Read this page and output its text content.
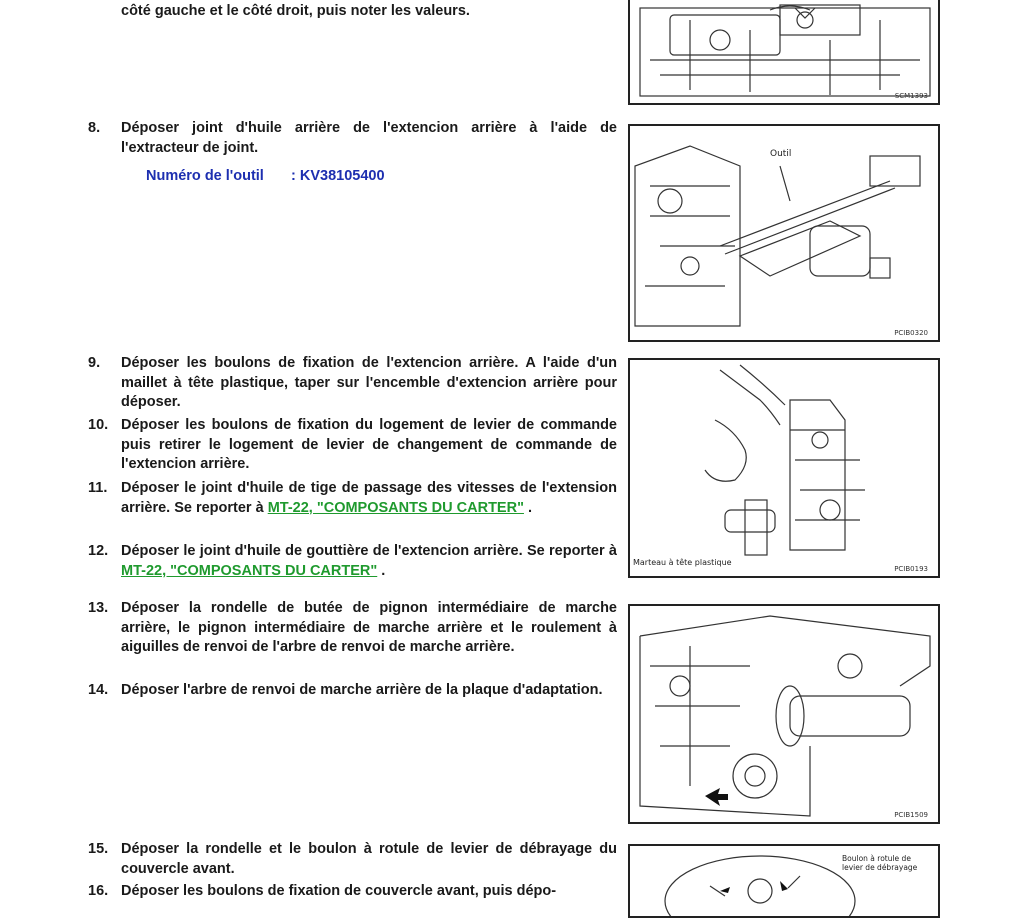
côté gauche et le côté droit, puis noter les valeurs.
8.	Déposer joint d'huile arrière de l'extencion arrière à l'aide de l'extracteur de joint.
Numéro de l'outil : KV38105400
9.	Déposer les boulons de fixation de l'extencion arrière. A l'aide d'un maillet à tête plastique, taper sur l'encemble d'extencion arrière pour déposer.
10. Déposer les boulons de fixation du logement de levier de commande puis retirer le logement de levier de changement de commande de l'extencion arrière.
11. Déposer le joint d'huile de tige de passage des vitesses de l'extension arrière. Se reporter à MT-22, "COMPOSANTS DU CARTER" .
12. Déposer le joint d'huile de gouttière de l'extencion arrière. Se reporter à MT-22, "COMPOSANTS DU CARTER" .
13. Déposer la rondelle de butée de pignon intermédiaire de marche arrière, le pignon intermédiaire de marche arrière et le roulement à aiguilles de renvoi de l'arbre de renvoi de marche arrière.
14. Déposer l'arbre de renvoi de marche arrière de la plaque d'adaptation.
15. Déposer la rondelle et le boulon à rotule de levier de débrayage du couvercle avant.
16. Déposer les boulons de fixation de couvercle avant, puis dépo-
SCM1393
Outil
PCIB0320
Marteau à tête plastique
PCIB0193
PCIB1509
Boulon à rotule de levier de débrayage
